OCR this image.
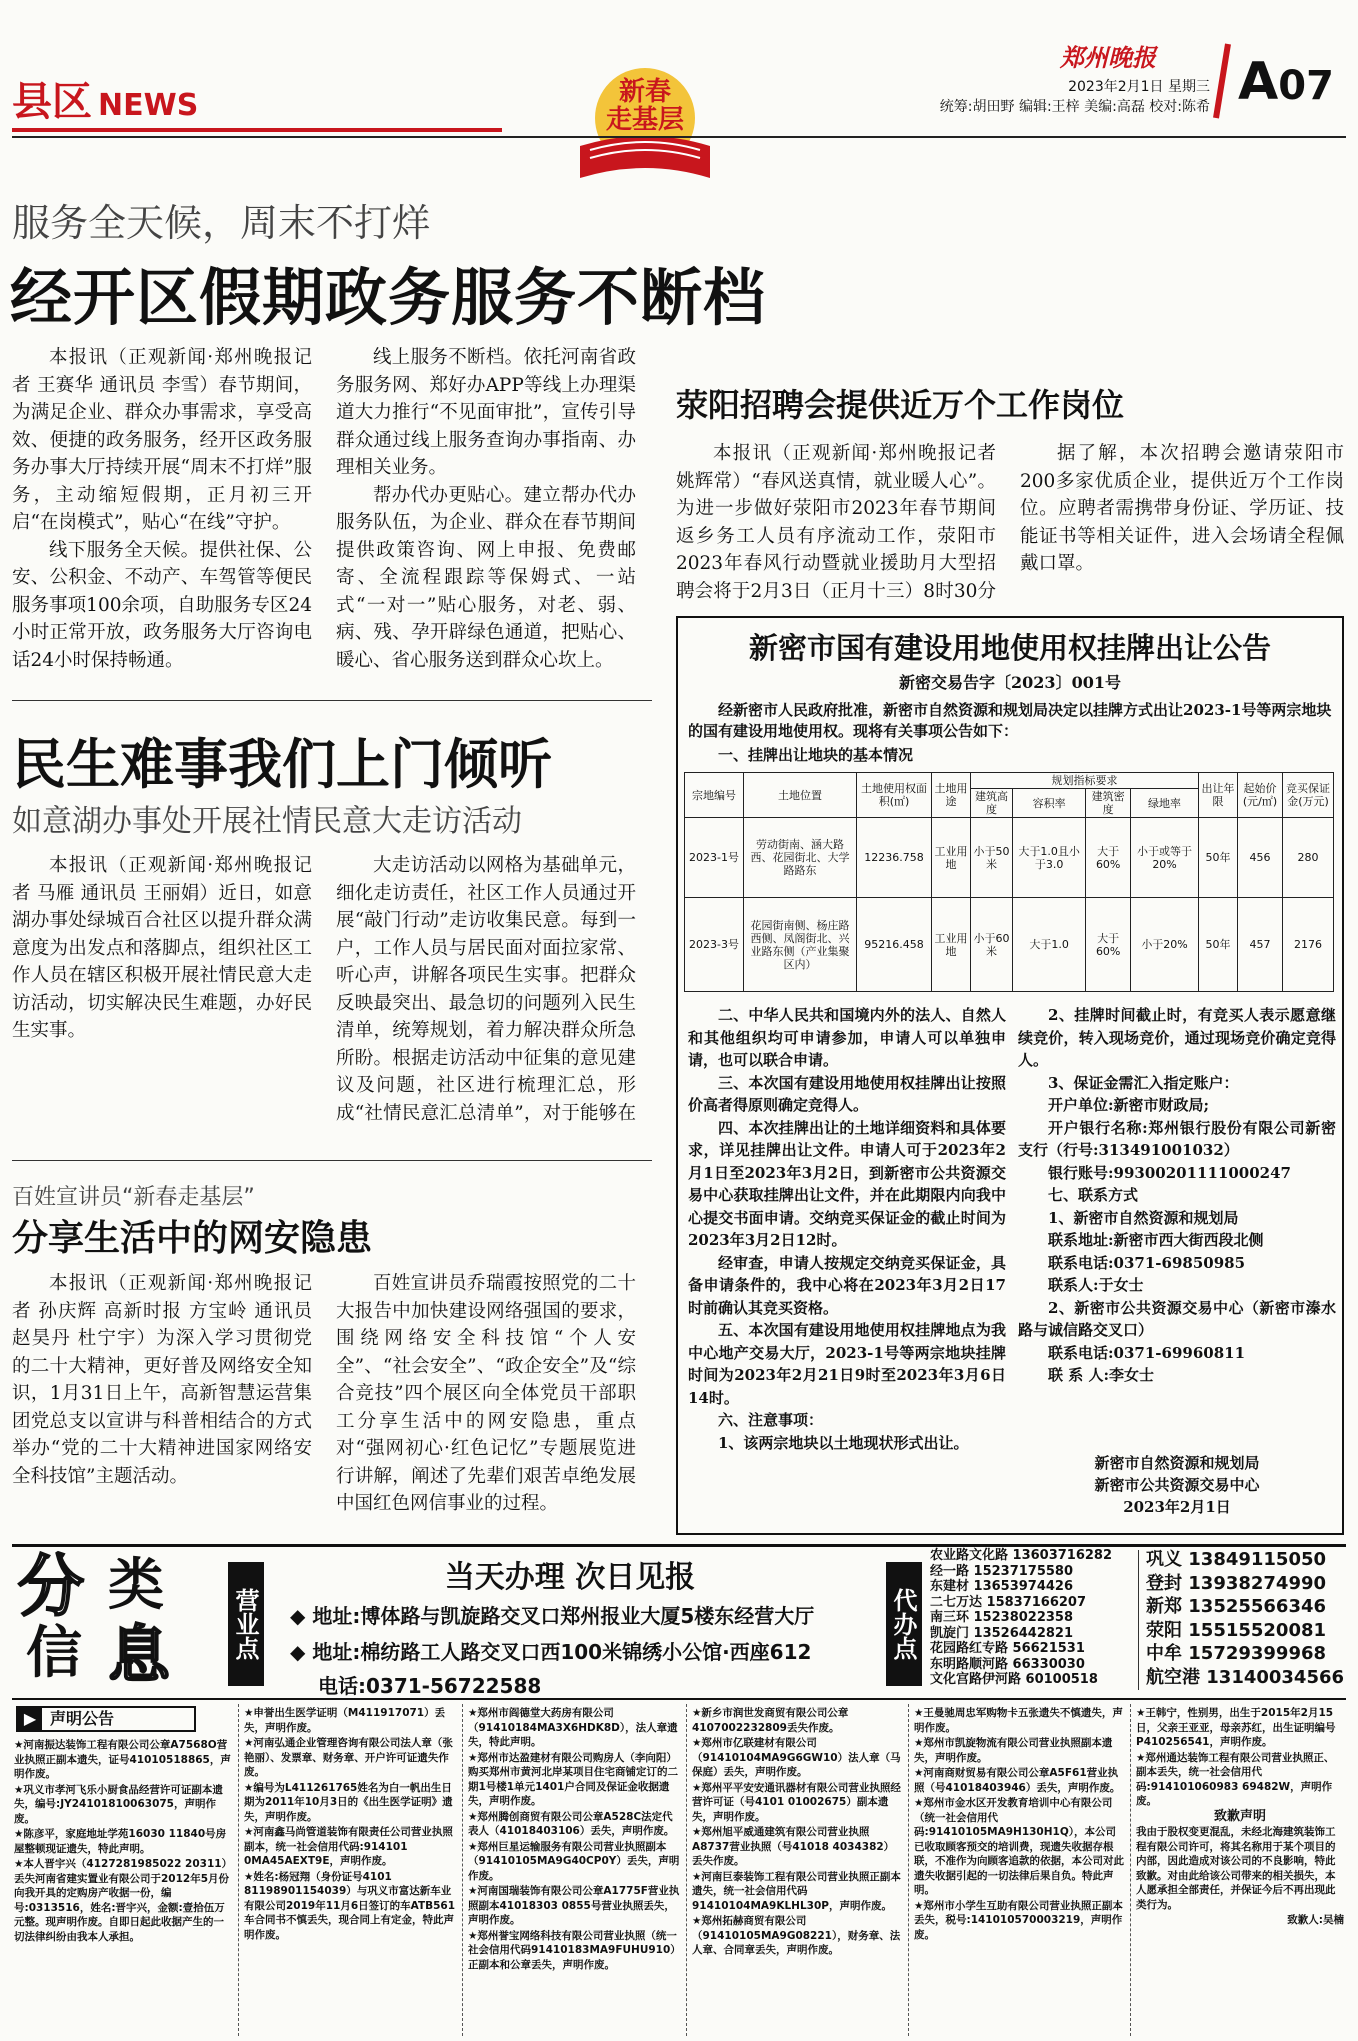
县区 NEWS	新春
走基层
郑州晚报
2023年2月1日 星期三
统筹:胡田野 编辑:王梓 美编:高磊 校对:陈希 A07
服务全天候，周末不打烊
经开区假期政务服务不断档

本报讯（正观新闻·郑州晚报记者 王赛华 通讯员 李雪）春节期间，为满足企业、群众办事需求，享受高效、便捷的政务服务，经开区政务服务办事大厅持续开展“周末不打烊”服务，主动缩短假期，正月初三开启“在岗模式”，贴心“在线”守护。

线下服务全天候。提供社保、公安、公积金、不动产、车驾管等便民服务事项100余项，自助服务专区24小时正常开放，政务服务大厅咨询电话24小时保持畅通。

线上服务不断档。依托河南省政务服务网、郑好办APP等线上办理渠道大力推行“不见面审批”，宣传引导群众通过线上服务查询办事指南、办理相关业务。

帮办代办更贴心。建立帮办代办服务队伍，为企业、群众在春节期间提供政策咨询、网上申报、免费邮寄、全流程跟踪等保姆式、一站式“一对一”贴心服务，对老、弱、病、残、孕开辟绿色通道，把贴心、暖心、省心服务送到群众心坎上。

荥阳招聘会提供近万个工作岗位

本报讯（正观新闻·郑州晚报记者 姚辉常）“春风送真情，就业暖人心”。为进一步做好荥阳市2023年春节期间返乡务工人员有序流动工作，荥阳市2023年春风行动暨就业援助月大型招聘会将于2月3日（正月十三）8时30分

据了解，本次招聘会邀请荥阳市200多家优质企业，提供近万个工作岗位。应聘者需携带身份证、学历证、技能证书等相关证件，进入会场请全程佩戴口罩。

民生难事我们上门倾听
如意湖办事处开展社情民意大走访活动

本报讯（正观新闻·郑州晚报记者 马雁 通讯员 王丽娟）近日，如意湖办事处绿城百合社区以提升群众满意度为出发点和落脚点，组织社区工作人员在辖区积极开展社情民意大走访活动，切实解决民生难题，办好民生实事。

大走访活动以网格为基础单元，细化走访责任，社区工作人员通过开展“敲门行动”走访收集民意。每到一户，工作人员与居民面对面拉家常、听心声，讲解各项民生实事。把群众反映最突出、最急切的问题列入民生清单，统筹规划，着力解决群众所急所盼。根据走访活动中征集的意见建议及问题，社区进行梳理汇总，形成“社情民意汇总清单”，对于能够在

百姓宣讲员“新春走基层”
分享生活中的网安隐患

本报讯（正观新闻·郑州晚报记者 孙庆辉 高新时报 方宝岭 通讯员 赵昊丹 杜宁宇）为深入学习贯彻党的二十大精神，更好普及网络安全知识，1月31日上午，高新智慧运营集团党总支以宣讲与科普相结合的方式举办“党的二十大精神进国家网络安全科技馆”主题活动。

百姓宣讲员乔瑞霞按照党的二十大报告中加快建设网络强国的要求，围绕网络安全科技馆“个人安全”、“社会安全”、“政企安全”及“综合竞技”四个展区向全体党员干部职工分享生活中的网安隐患，重点对“强网初心·红色记忆”专题展览进行讲解，阐述了先辈们艰苦卓绝发展中国红色网信事业的过程。

新密市国有建设用地使用权挂牌出让公告
新密交易告字〔2023〕001号
经新密市人民政府批准，新密市自然资源和规划局决定以挂牌方式出让2023-1号等两宗地块的国有建设用地使用权。现将有关事项公告如下：
一、挂牌出让地块的基本情况
宗地编号	土地位置	土地使用权面积(㎡)	土地用途	规划指标要求				出让年限	起始价(元/㎡)	竞买保证金(万元)
				建筑高度	容积率	建筑密度	绿地率			
2023-1号	劳动街南、涵大路西、花园街北、大学路路东	12236.758	工业用地	小于50米	大于1.0且小于3.0	大于60%	小于或等于20%	50年	456	280
2023-3号	花园街南侧、杨庄路西侧、凤阁街北、兴业路东侧（产业集聚区内）	95216.458	工业用地	小于60米	大于1.0	大于60%	小于20%	50年	457	2176

二、中华人民共和国境内外的法人、自然人和其他组织均可申请参加，申请人可以单独申请，也可以联合申请。

三、本次国有建设用地使用权挂牌出让按照价高者得原则确定竞得人。

四、本次挂牌出让的土地详细资料和具体要求，详见挂牌出让文件。申请人可于2023年2月1日至2023年3月2日，到新密市公共资源交易中心获取挂牌出让文件，并在此期限内向我中心提交书面申请。交纳竞买保证金的截止时间为2023年3月2日12时。

经审查，申请人按规定交纳竞买保证金，具备申请条件的，我中心将在2023年3月2日17时前确认其竞买资格。

五、本次国有建设用地使用权挂牌地点为我中心地产交易大厅，2023-1号等两宗地块挂牌时间为2023年2月21日9时至2023年3月6日14时。

六、注意事项：

1、该两宗地块以土地现状形式出让。

2、挂牌时间截止时，有竞买人表示愿意继续竞价，转入现场竞价，通过现场竞价确定竞得人。

3、保证金需汇入指定账户：

开户单位:新密市财政局;

开户银行名称:郑州银行股份有限公司新密支行（行号:313491001032）

银行账号:99300201111000247

七、联系方式

1、新密市自然资源和规划局

联系地址:新密市西大街西段北侧

联系电话:0371-69850985

联系人:于女士

2、新密市公共资源交易中心（新密市溱水路与诚信路交叉口）

联系电话:0371-69960811

联 系 人:李女士

新密市自然资源和规划局
新密市公共资源交易中心
2023年2月1日
分 类
信 息	营业点
当天办理 次日见报
◆ 地址:博体路与凯旋路交叉口郑州报业大厦5楼东经营大厅
◆ 地址:棉纺路工人路交叉口西100米锦绣小公馆·西座612
电话:0371-56722588
代办点
农业路文化路 13603716282
经一路 15237175580
东建材 13653974426
二七万达 15837166207
南三环 15238022358
凯旋门 13526442821
花园路红专路 56621531
东明路顺河路 66330030
文化宫路伊河路 60100518
巩义 13849115050
登封 13938274990
新郑 13525566346
荥阳 15515520081
中牟 15729399968
航空港 13140034566
▶ 声明公告

★河南振达装饰工程有限公司公章A7568O营业执照正副本遗失，证号41010518865，声明作废。

★巩义市孝河飞乐小厨食品经营许可证副本遗失，编号:JY24101810063075，声明作废。

★陈彦平，家庭地址学苑16030 11840号房屋整顿现证遗失，特此声明。

★本人晋宇兴（4127281985022 20311）丢失河南省建实置业有限公司于2012年5月份向我开具的定购房产收据一份，编号:0313516，姓名:晋宇兴，金额:壹拾伍万元整。现声明作废。自即日起此收据产生的一切法律纠纷由我本人承担。

★申誉出生医学证明（M411917071）丢失，声明作废。

★河南弘通企业管理咨询有限公司法人章（张艳丽）、发票章、财务章、开户许可证遗失作废。

★编号为L411261765姓名为白一帆出生日期为2011年10月3日的《出生医学证明》遗失，声明作废。

★河南鑫马尚管道装饰有限责任公司营业执照副本，统一社会信用代码:914101 0MA45AEXT9E，声明作废。

★姓名:杨冠翔（身份证号4101 81198901154039）与巩义市富达新车业有限公司2019年11月6日签订的车ATB561车合同书不慎丢失，现合同上有定金，特此声明作废。

★郑州市阎德堂大药房有限公司（91410184MA3X6HDK8D），法人章遗失，特此声明。

★郑州市达盈建材有限公司购房人（李向阳）购买郑州市黄河北岸某项目住宅商铺定订的二期1号楼1单元1401户合同及保证金收据遗失，声明作废。

★郑州腾创商贸有限公司公章A528C法定代表人（41018403106）丢失，声明作废。

★郑州巨星运输服务有限公司营业执照副本（91410105MA9G40CP0Y）丢失，声明作废。

★河南国瑞装饰有限公司公章A1775F营业执照副本41018303 0855号营业执照丢失，声明作废。

★郑州誉宝网络科技有限公司营业执照（统一社会信用代码91410183MA9FUHU910）正副本和公章丢失，声明作废。

★新乡市润世发商贸有限公司公章4107002232809丢失作废。

★郑州市亿联建材有限公司（91410104MA9G6GW10）法人章（马保庭）丢失，声明作废。

★郑州平平安安通讯器材有限公司营业执照经营许可证（号4101 01002675）副本遗失，声明作废。

★郑州旭平威通建筑有限公司营业执照A8737营业执照（号41018 4034382）丢失作废。

★河南巨泰装饰工程有限公司营业执照正副本遗失，统一社会信用代码91410104MA9KLHL30P，声明作废。

★郑州拓赫商贸有限公司（91410105MA9G08221），财务章、法人章、合同章丢失，声明作废。

★王曼驰周忠军购物卡五张遗失不慎遗失，声明作废。

★郑州市凯旋物流有限公司营业执照副本遗失，声明作废。

★河南商财贸易有限公司公章A5F61营业执照（号41018403946）丢失，声明作废。

★郑州市金水区开发教育培训中心有限公司（统一社会信用代码:91410105MA9H130H1Q），本公司已收取顾客预交的培训费，现遗失收据存根联，不准作为向顾客追款的依据，本公司对此遗失收据引起的一切法律后果自负。特此声明。

★郑州市小学生互助有限公司营业执照正副本丢失，税号:141010570003219，声明作废。

★王韩宁，性别男，出生于2015年2月15日，父亲王亚亚，母亲苏红，出生证明编号P410256541，声明作废。

★郑州通达装饰工程有限公司营业执照正、副本丢失，统一社会信用代码:914101060983 69482W，声明作废。

致歉声明

我由于股权变更混乱，未经北海建筑装饰工程有限公司许可，将其名称用于某个项目的内部，因此造成对该公司的不良影响，特此致歉。对由此给该公司带来的相关损失，本人愿承担全部责任，并保证今后不再出现此类行为。

致歉人:吴楠
